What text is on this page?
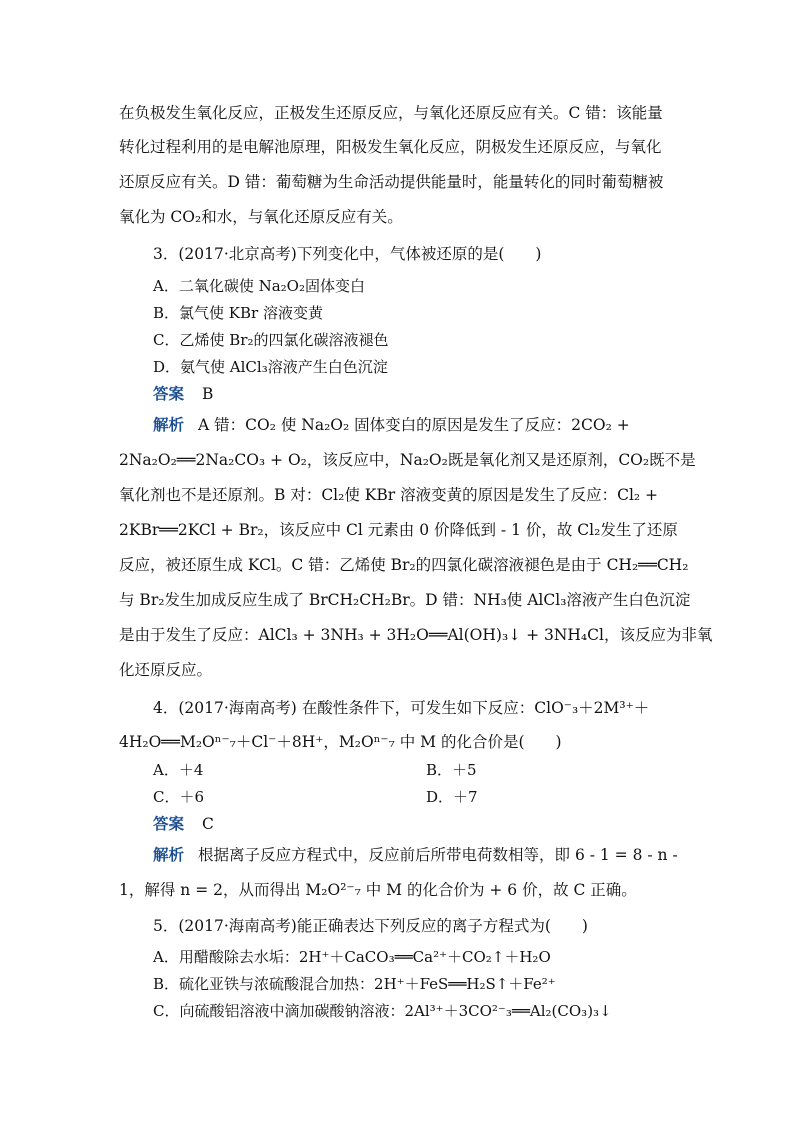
在负极发生氧化反应，正极发生还原反应，与氧化还原反应有关。C 错：该能量
转化过程利用的是电解池原理，阳极发生氧化反应，阴极发生还原反应，与氧化
还原反应有关。D 错：葡萄糖为生命活动提供能量时，能量转化的同时葡萄糖被
氧化为 CO₂和水，与氧化还原反应有关。
3．(2017·北京高考)下列变化中，气体被还原的是(　　)
A．二氧化碳使 Na₂O₂固体变白
B．氯气使 KBr 溶液变黄
C．乙烯使 Br₂的四氯化碳溶液褪色
D．氨气使 AlCl₃溶液产生白色沉淀
答案 B
解析 A 错：CO₂ 使 Na₂O₂ 固体变白的原因是发生了反应：2CO₂ +
2Na₂O₂══2Na₂CO₃ + O₂，该反应中，Na₂O₂既是氧化剂又是还原剂，CO₂既不是
氧化剂也不是还原剂。B 对：Cl₂使 KBr 溶液变黄的原因是发生了反应：Cl₂ +
2KBr══2KCl + Br₂，该反应中 Cl 元素由 0 价降低到 - 1 价，故 Cl₂发生了还原
反应，被还原生成 KCl。C 错：乙烯使 Br₂的四氯化碳溶液褪色是由于 CH₂══CH₂
与 Br₂发生加成反应生成了 BrCH₂CH₂Br。D 错：NH₃使 AlCl₃溶液产生白色沉淀
是由于发生了反应：AlCl₃ + 3NH₃ + 3H₂O══Al(OH)₃↓ + 3NH₄Cl，该反应为非氧
化还原反应。
4．(2017·海南高考) 在酸性条件下，可发生如下反应：ClO⁻₃＋2M³⁺＋
4H₂O══M₂Oⁿ⁻₇＋Cl⁻＋8H⁺，M₂Oⁿ⁻₇ 中 M 的化合价是(　　)
A．＋4	B．＋5
C．＋6	D．＋7
答案 C
解析 根据离子反应方程式中，反应前后所带电荷数相等，即 6 - 1 = 8 - n -
1，解得 n = 2，从而得出 M₂O²⁻₇ 中 M 的化合价为 + 6 价，故 C 正确。
5．(2017·海南高考)能正确表达下列反应的离子方程式为(　　)
A．用醋酸除去水垢：2H⁺＋CaCO₃══Ca²⁺＋CO₂↑＋H₂O
B．硫化亚铁与浓硫酸混合加热：2H⁺＋FeS══H₂S↑＋Fe²⁺
C．向硫酸铝溶液中滴加碳酸钠溶液：2Al³⁺＋3CO²⁻₃══Al₂(CO₃)₃↓
